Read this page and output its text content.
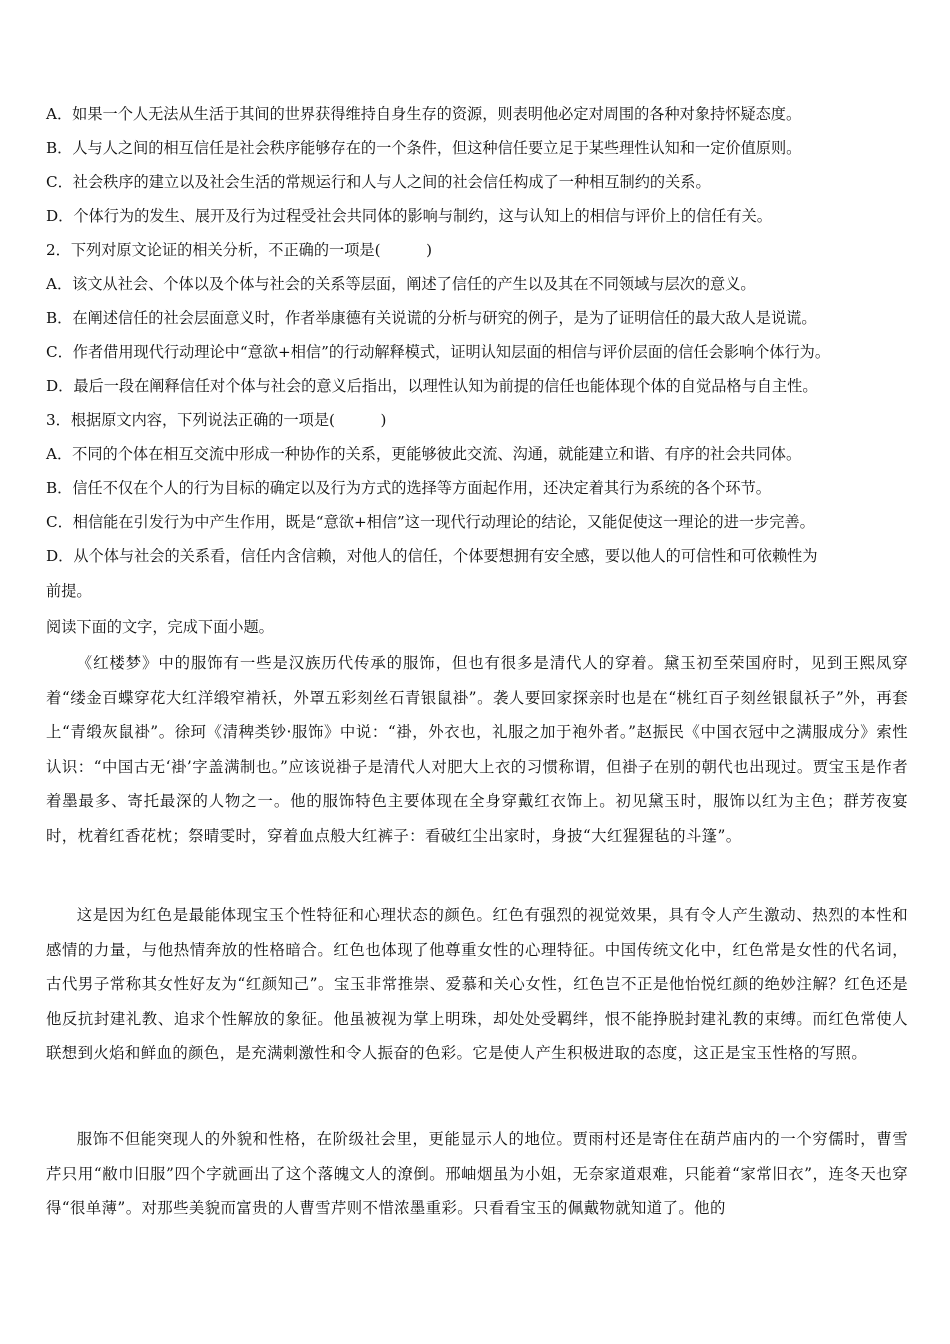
A．如果一个人无法从生活于其间的世界获得维持自身生存的资源，则表明他必定对周围的各种对象持怀疑态度。
B．人与人之间的相互信任是社会秩序能够存在的一个条件，但这种信任要立足于某些理性认知和一定价值原则。
C．社会秩序的建立以及社会生活的常规运行和人与人之间的社会信任构成了一种相互制约的关系。
D．个体行为的发生、展开及行为过程受社会共同体的影响与制约，这与认知上的相信与评价上的信任有关。
2．下列对原文论证的相关分析，不正确的一项是(　　　)
A．该文从社会、个体以及个体与社会的关系等层面，阐述了信任的产生以及其在不同领域与层次的意义。
B．在阐述信任的社会层面意义时，作者举康德有关说谎的分析与研究的例子，是为了证明信任的最大敌人是说谎。
C．作者借用现代行动理论中“意欲+相信”的行动解释模式，证明认知层面的相信与评价层面的信任会影响个体行为。
D．最后一段在阐释信任对个体与社会的意义后指出，以理性认知为前提的信任也能体现个体的自觉品格与自主性。
3．根据原文内容，下列说法正确的一项是(　　　)
A．不同的个体在相互交流中形成一种协作的关系，更能够彼此交流、沟通，就能建立和谐、有序的社会共同体。
B．信任不仅在个人的行为目标的确定以及行为方式的选择等方面起作用，还决定着其行为系统的各个环节。
C．相信能在引发行为中产生作用，既是“意欲+相信”这一现代行动理论的结论，又能促使这一理论的进一步完善。
D．从个体与社会的关系看，信任内含信赖，对他人的信任，个体要想拥有安全感，要以他人的可信性和可依赖性为
前提。
阅读下面的文字，完成下面小题。
《红楼梦》中的服饰有一些是汉族历代传承的服饰，但也有很多是清代人的穿着。黛玉初至荣国府时，见到王熙凤穿着“缕金百蝶穿花大红洋缎窄褃袄，外罩五彩刻丝石青银鼠褂”。袭人要回家探亲时也是在“桃红百子刻丝银鼠袄子”外，再套上“青缎灰鼠褂”。徐珂《清稗类钞·服饰》中说：“褂，外衣也，礼服之加于袍外者。”赵振民《中国衣冠中之满服成分》索性认识：“中国古无‘褂’字盖满制也。”应该说褂子是清代人对肥大上衣的习惯称谓，但褂子在别的朝代也出现过。贾宝玉是作者着墨最多、寄托最深的人物之一。他的服饰特色主要体现在全身穿戴红衣饰上。初见黛玉时，服饰以红为主色；群芳夜宴时，枕着红香花枕；祭晴雯时，穿着血点般大红裤子：看破红尘出家时，身披“大红猩猩毡的斗篷”。
这是因为红色是最能体现宝玉个性特征和心理状态的颜色。红色有强烈的视觉效果，具有令人产生激动、热烈的本性和感情的力量，与他热情奔放的性格暗合。红色也体现了他尊重女性的心理特征。中国传统文化中，红色常是女性的代名词，古代男子常称其女性好友为“红颜知己”。宝玉非常推崇、爱慕和关心女性，红色岂不正是他怡悦红颜的绝妙注解？红色还是他反抗封建礼教、追求个性解放的象征。他虽被视为掌上明珠，却处处受羁绊，恨不能挣脱封建礼教的束缚。而红色常使人联想到火焰和鲜血的颜色，是充满刺激性和令人振奋的色彩。它是使人产生积极进取的态度，这正是宝玉性格的写照。
服饰不但能突现人的外貌和性格，在阶级社会里，更能显示人的地位。贾雨村还是寄住在葫芦庙内的一个穷儒时，曹雪芹只用“敝巾旧服”四个字就画出了这个落魄文人的潦倒。邢岫烟虽为小姐，无奈家道艰难，只能着“家常旧衣”，连冬天也穿得“很单薄”。对那些美貌而富贵的人曹雪芹则不惜浓墨重彩。只看看宝玉的佩戴物就知道了。他的
